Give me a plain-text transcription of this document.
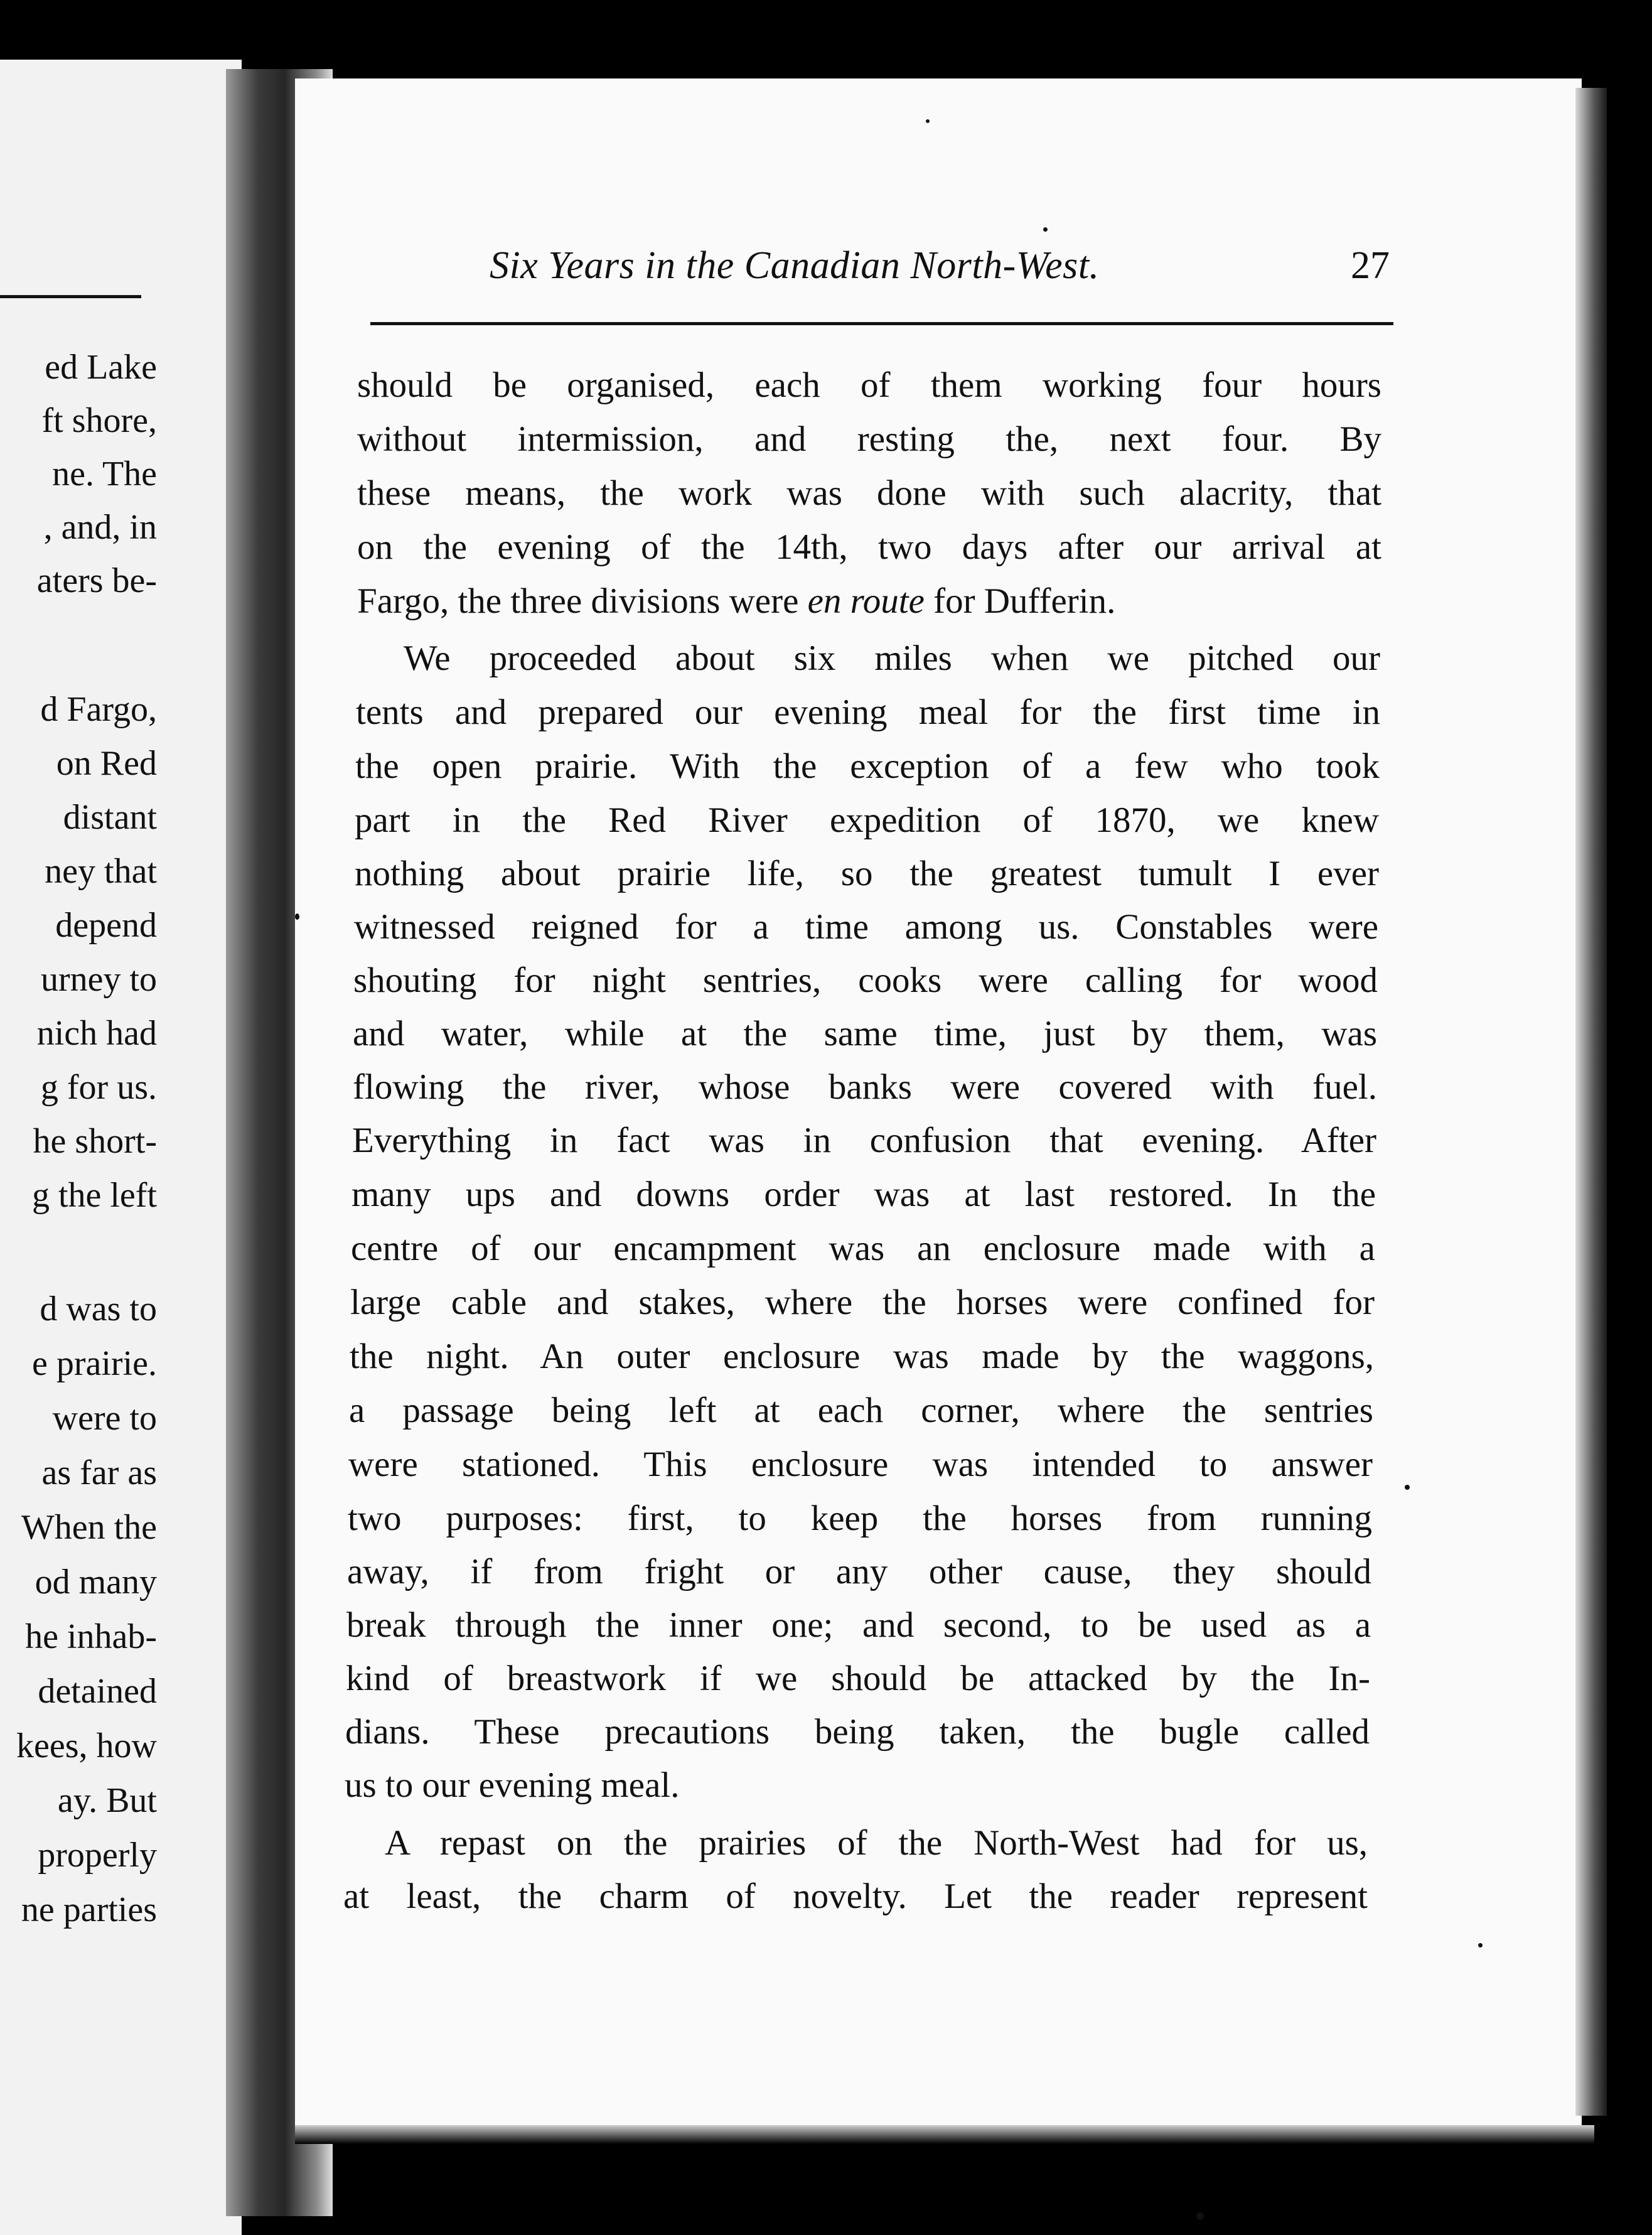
ed Lake
ft shore,
ne. The
, and, in
aters be-
d Fargo,
on Red
distant
ney that
depend
urney to
nich had
g for us.
he short-
g the left
d was to
e prairie.
were to
as far as
When the
od many
he inhab-
detained
kees, how
ay. But
properly
ne parties
Six Years in the Canadian North-West.	27
should be organised, each of them working four hours
without intermission, and resting the, next four. By
these means, the work was done with such alacrity, that
on the evening of the 14th, two days after our arrival at
Fargo, the three divisions were en route for Dufferin.
We proceeded about six miles when we pitched our
tents and prepared our evening meal for the first time in
the open prairie. With the exception of a few who took
part in the Red River expedition of 1870, we knew
nothing about prairie life, so the greatest tumult I ever
witnessed reigned for a time among us. Constables were
shouting for night sentries, cooks were calling for wood
and water, while at the same time, just by them, was
flowing the river, whose banks were covered with fuel.
Everything in fact was in confusion that evening. After
many ups and downs order was at last restored. In the
centre of our encampment was an enclosure made with a
large cable and stakes, where the horses were confined for
the night. An outer enclosure was made by the waggons,
a passage being left at each corner, where the sentries
were stationed. This enclosure was intended to answer
two purposes: first, to keep the horses from running
away, if from fright or any other cause, they should
break through the inner one; and second, to be used as a
kind of breastwork if we should be attacked by the In-
dians. These precautions being taken, the bugle called
us to our evening meal.
A repast on the prairies of the North-West had for us,
at least, the charm of novelty. Let the reader represent
